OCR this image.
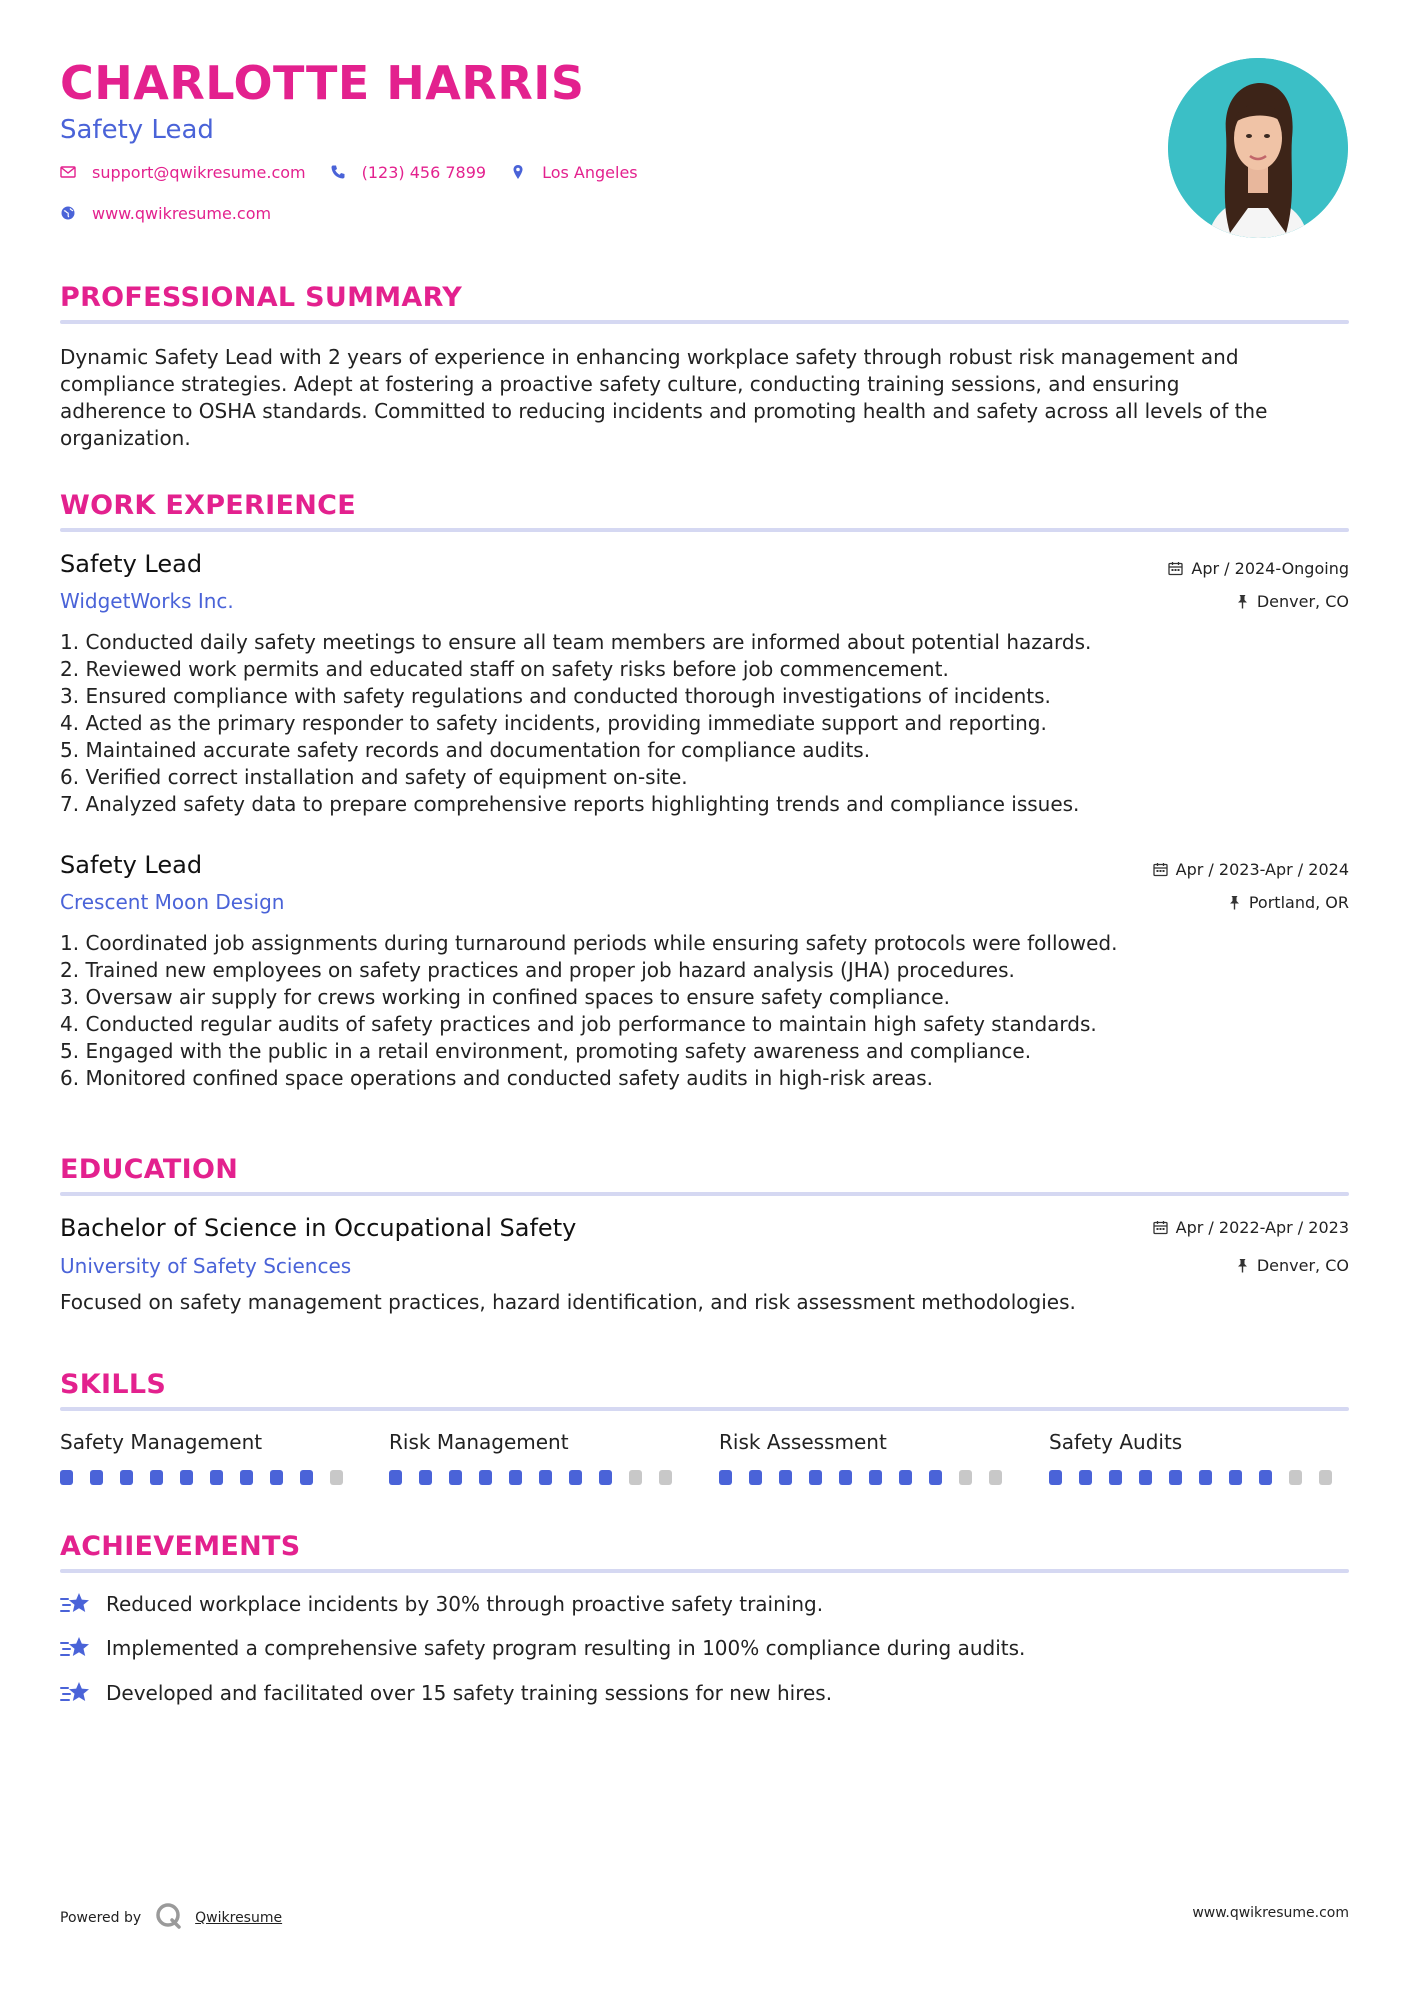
CHARLOTTE HARRIS
Safety Lead
support@qwikresume.com	(123) 456 7899	Los Angeles
www.qwikresume.com
PROFESSIONAL SUMMARY
Dynamic Safety Lead with 2 years of experience in enhancing workplace safety through robust risk management and
compliance strategies. Adept at fostering a proactive safety culture, conducting training sessions, and ensuring
adherence to OSHA standards. Committed to reducing incidents and promoting health and safety across all levels of the
organization.
WORK EXPERIENCE
Safety Lead
WidgetWorks Inc.
Apr / 2024-Ongoing
Denver, CO
1. Conducted daily safety meetings to ensure all team members are informed about potential hazards.
2. Reviewed work permits and educated staff on safety risks before job commencement.
3. Ensured compliance with safety regulations and conducted thorough investigations of incidents.
4. Acted as the primary responder to safety incidents, providing immediate support and reporting.
5. Maintained accurate safety records and documentation for compliance audits.
6. Verified correct installation and safety of equipment on-site.
7. Analyzed safety data to prepare comprehensive reports highlighting trends and compliance issues.
Safety Lead
Crescent Moon Design
Apr / 2023-Apr / 2024
Portland, OR
1. Coordinated job assignments during turnaround periods while ensuring safety protocols were followed.
2. Trained new employees on safety practices and proper job hazard analysis (JHA) procedures.
3. Oversaw air supply for crews working in confined spaces to ensure safety compliance.
4. Conducted regular audits of safety practices and job performance to maintain high safety standards.
5. Engaged with the public in a retail environment, promoting safety awareness and compliance.
6. Monitored confined space operations and conducted safety audits in high-risk areas.
EDUCATION
Bachelor of Science in Occupational Safety
University of Safety Sciences
Apr / 2022-Apr / 2023
Denver, CO
Focused on safety management practices, hazard identification, and risk assessment methodologies.
SKILLS
Safety Management	Risk Management	Risk Assessment	Safety Audits
ACHIEVEMENTS
Reduced workplace incidents by 30% through proactive safety training.
Implemented a comprehensive safety program resulting in 100% compliance during audits.
Developed and facilitated over 15 safety training sessions for new hires.
Powered by	Qwikresume	www.qwikresume.com
